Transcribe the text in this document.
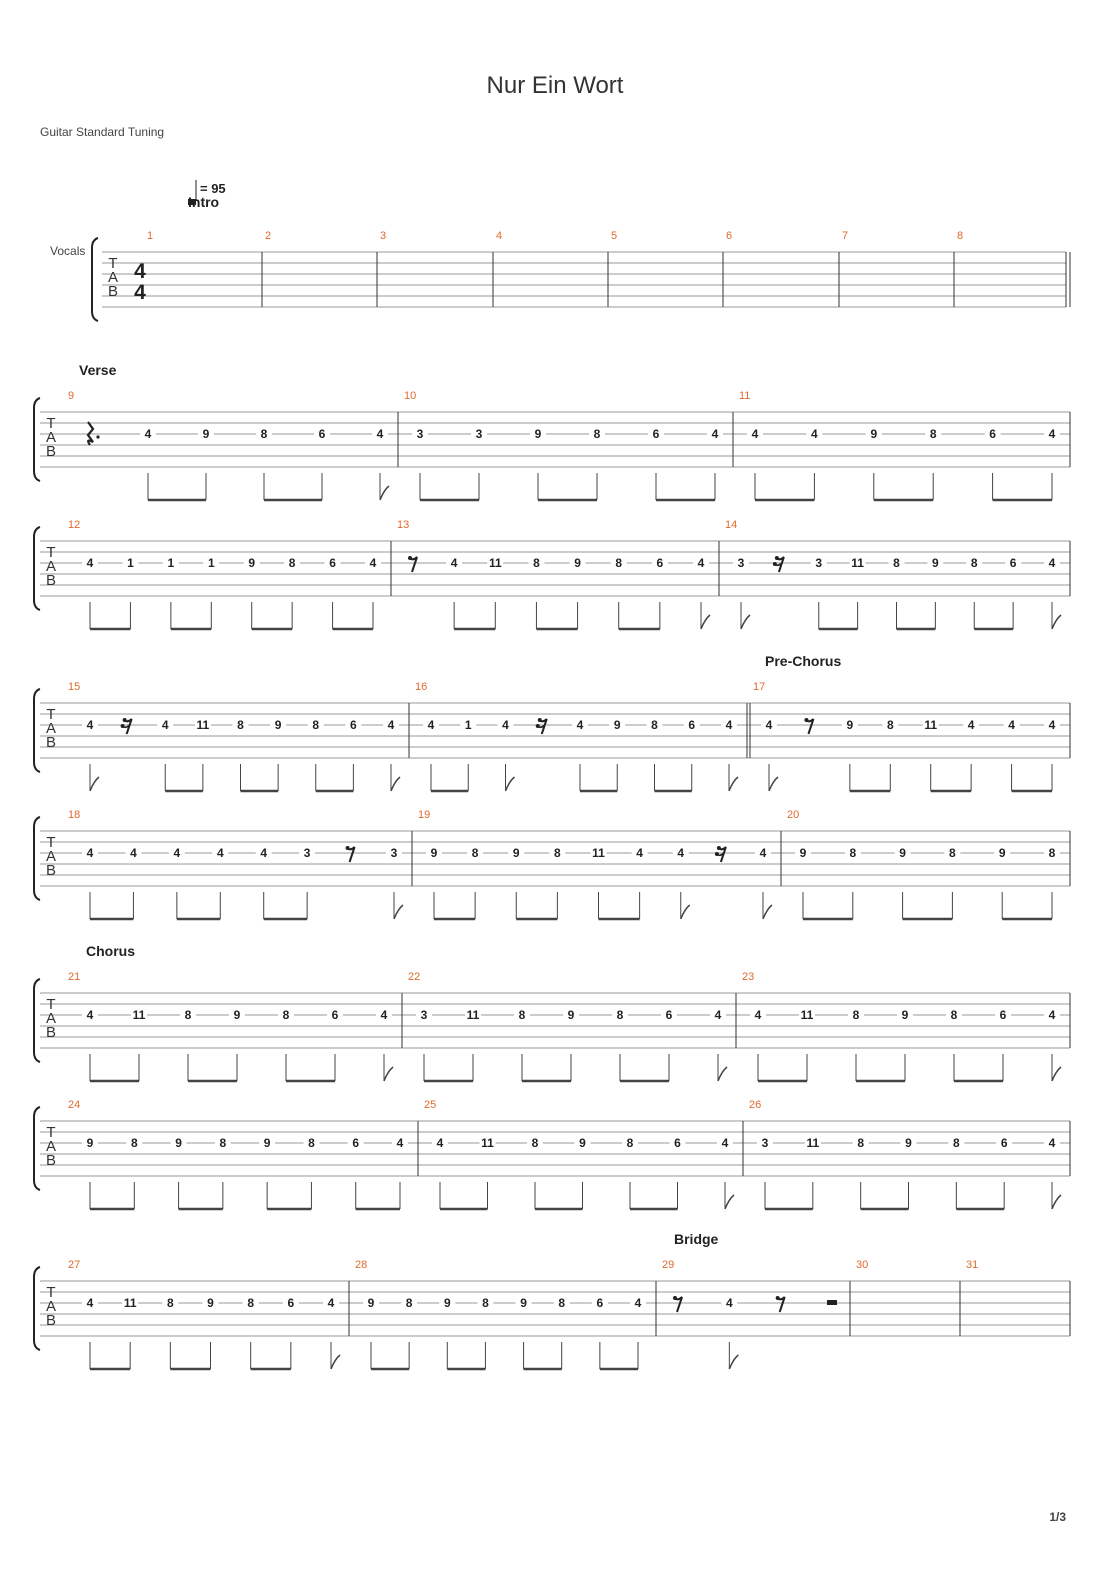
Nur Ein Wort
Guitar Standard Tuning
1/3
= 95
Vocals
Intro
Verse
Pre-Chorus
Chorus
Bridge
T
A
B
4
4
1	2	3	4	5	6	7	8
T
A
B
9
4	9	8	6	4
10
3	3	9	8	6	4
11
4	4	9	8	6	4
T
A
B
12
4	1	1	1	9	8	6	4
13
4	11	8	9	8	6	4
14
3	3 11 8	9	8	6	4
T
A
B
15
4	4 11 8	9	8	6	4
16
4	1	4	4	9	8	6	4
17
4	9	8	11	4	4	4
T
A
B
18
4	4	4	4	4	3	3
19
9	8	9	8	11	4	4	4
20
9	8	9	8	9	8
T
A
B
21
4	11	8	9	8	6	4
22
3	11	8	9	8	6	4
23
4	11	8	9	8	6	4
T
A
B
24
9	8	9	8	9	8	6	4
25
4	11	8	9	8	6	4
26
3	11	8	9	8	6	4
T
A
B
27
4	11	8	9	8	6	4
28
9	8	9	8	9	8	6	4
29
4
30	31
